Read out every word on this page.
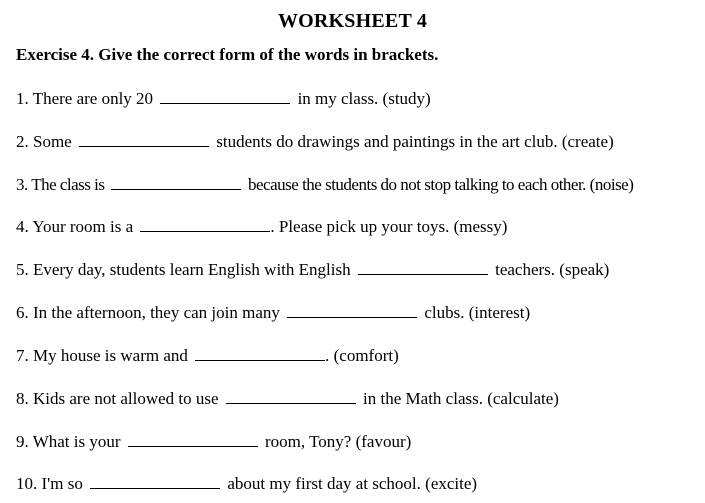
WORKSHEET 4
Exercise 4. Give the correct form of the words in brackets.
1. There are only 20	in my class. (study)
2. Some	students do drawings and paintings in the art club. (create)
3. The class is	because the students do not stop talking to each other. (noise)
4. Your room is a	. Please pick up your toys. (messy)
5. Every day, students learn English with English	teachers. (speak)
6. In the afternoon, they can join many	clubs. (interest)
7. My house is warm and	. (comfort)
8. Kids are not allowed to use	in the Math class. (calculate)
9. What is your	room, Tony? (favour)
10. I'm so	about my first day at school. (excite)
